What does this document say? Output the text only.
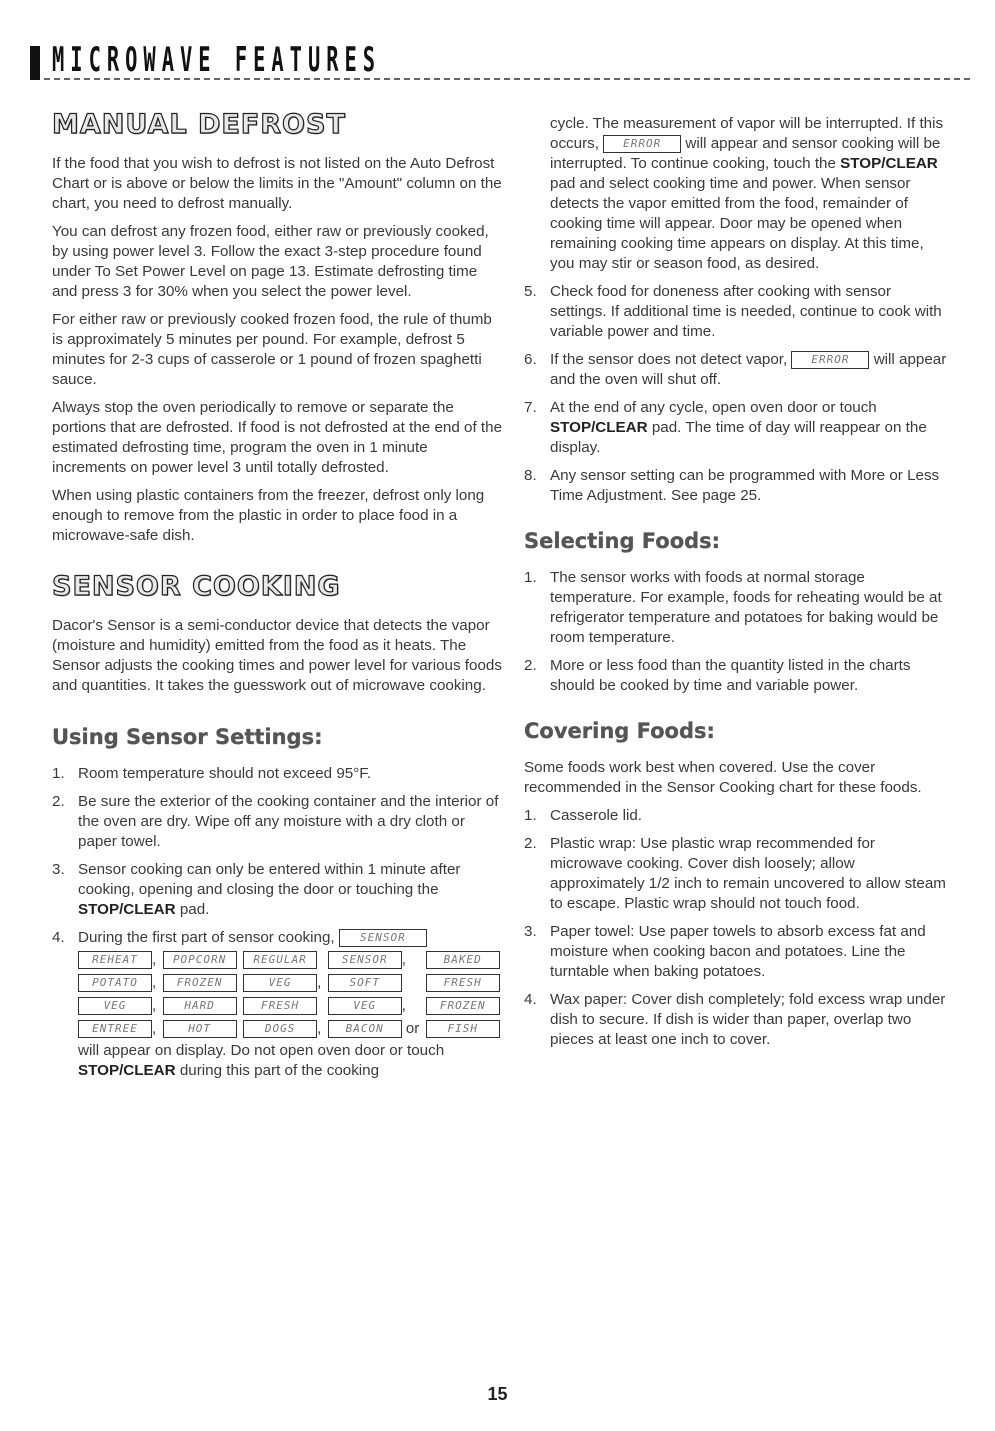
MICROWAVE FEATURES
MANUAL DEFROST

If the food that you wish to defrost is not listed on the Auto Defrost Chart or is above or below the limits in the "Amount" column on the chart, you need to defrost manually.

You can defrost any frozen food, either raw or previously cooked, by using power level 3. Follow the exact 3-step procedure found under To Set Power Level on page 13. Estimate defrosting time and press 3 for 30% when you select the power level.

For either raw or previously cooked frozen food, the rule of thumb is approximately 5 minutes per pound. For example, defrost 5 minutes for 2-3 cups of casserole or 1 pound of frozen spaghetti sauce.

Always stop the oven periodically to remove or separate the portions that are defrosted. If food is not defrosted at the end of the estimated defrosting time, program the oven in 1 minute increments on power level 3 until totally defrosted.

When using plastic containers from the freezer, defrost only long enough to remove from the plastic in order to place food in a microwave-safe dish.

SENSOR COOKING

Dacor's Sensor is a semi-conductor device that detects the vapor (moisture and humidity) emitted from the food as it heats. The Sensor adjusts the cooking times and power level for various foods and quantities. It takes the guesswork out of microwave cooking.

Using Sensor Settings:
1. Room temperature should not exceed 95°F.
2. Be sure the exterior of the cooking container and the interior of the oven are dry. Wipe off any moisture with a dry cloth or paper towel.
3. Sensor cooking can only be entered within 1 minute after cooking, opening and closing the door or touching the STOP/CLEAR pad.
4. During the first part of sensor cooking, SENSOR
REHEAT ,	POPCORN
	REGULAR
	SENSOR ,	BAKED
POTATO ,	FROZEN
	VEG	,	SOFT
	FRESH
VEG	,	HARD
	FRESH
	VEG	,	FROZEN
ENTREE ,	HOT
	DOGS	,	BACON
	or
	FISH
will appear on display. Do not open oven door or touch STOP/CLEAR during this part of the cooking

cycle. The measurement of vapor will be interrupted. If this occurs, ERROR will appear and sensor cooking will be interrupted. To continue cooking, touch the STOP/CLEAR pad and select cooking time and power. When sensor detects the vapor emitted from the food, remainder of cooking time will appear. Door may be opened when remaining cooking time appears on display. At this time, you may stir or season food, as desired.

5. Check food for doneness after cooking with sensor settings. If additional time is needed, continue to cook with variable power and time.
6. If the sensor does not detect vapor, ERROR will appear and the oven will shut off.
7. At the end of any cycle, open oven door or touch STOP/CLEAR pad. The time of day will reappear on the display.
8. Any sensor setting can be programmed with More or Less Time Adjustment. See page 25.
Selecting Foods:
1. The sensor works with foods at normal storage temperature. For example, foods for reheating would be at refrigerator temperature and potatoes for baking would be room temperature.
2. More or less food than the quantity listed in the charts should be cooked by time and variable power.
Covering Foods:

Some foods work best when covered. Use the cover recommended in the Sensor Cooking chart for these foods.

1. Casserole lid.
2. Plastic wrap: Use plastic wrap recommended for microwave cooking. Cover dish loosely; allow approximately 1/2 inch to remain uncovered to allow steam to escape. Plastic wrap should not touch food.
3. Paper towel: Use paper towels to absorb excess fat and moisture when cooking bacon and potatoes. Line the turntable when baking potatoes.
4. Wax paper: Cover dish completely; fold excess wrap under dish to secure. If dish is wider than paper, overlap two pieces at least one inch to cover.
15
